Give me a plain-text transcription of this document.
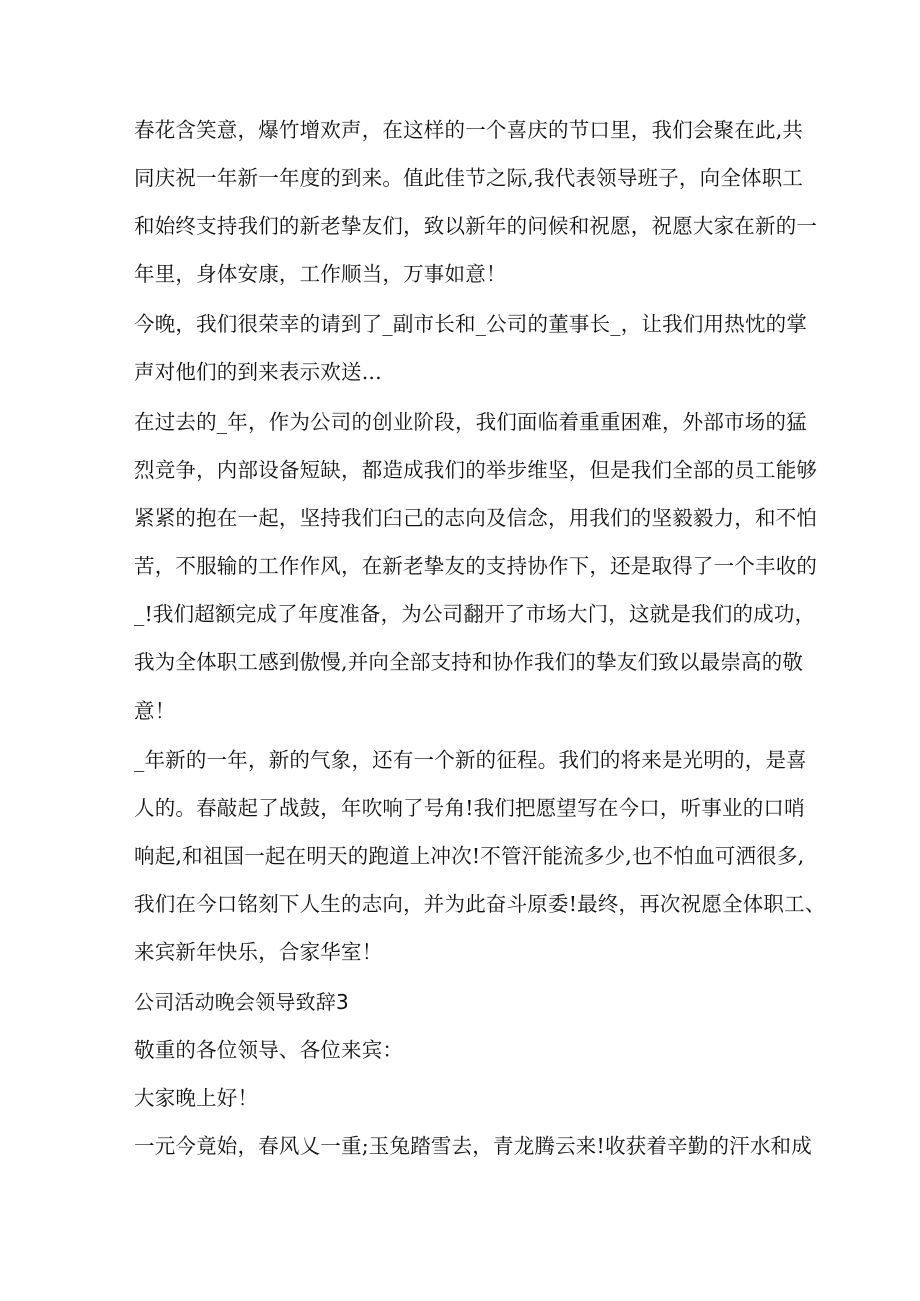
春花含笑意，爆竹增欢声，在这样的一个喜庆的节口里，我们会聚在此,共
同庆祝一年新一年度的到来。值此佳节之际,我代表领导班子，向全体职工
和始终支持我们的新老挚友们，致以新年的问候和祝愿，祝愿大家在新的一
年里，身体安康，工作顺当，万事如意！
今晚，我们很荣幸的请到了_副市长和_公司的董事长_，让我们用热忱的掌
声对他们的到来表示欢送...
在过去的_年，作为公司的创业阶段，我们面临着重重困难，外部市场的猛
烈竞争，内部设备短缺，都造成我们的举步维坚，但是我们全部的员工能够
紧紧的抱在一起，坚持我们臼己的志向及信念，用我们的坚毅毅力，和不怕
苦，不服输的工作作风，在新老挚友的支持协作下，还是取得了一个丰收的
_!我们超额完成了年度准备，为公司翻开了市场大门，这就是我们的成功，
我为全体职工感到傲慢,并向全部支持和协作我们的挚友们致以最崇高的敬
意！
_年新的一年，新的气象，还有一个新的征程。我们的将来是光明的，是喜
人的。春敲起了战鼓，年吹响了号角!我们把愿望写在今口，听事业的口哨
响起,和祖国一起在明天的跑道上冲次!不管汗能流多少,也不怕血可洒很多,
我们在今口铭刻下人生的志向，并为此奋斗原委!最终，再次祝愿全体职工、
来宾新年快乐，合家华室！
公司活动晚会领导致辞3
敬重的各位领导、各位来宾：
大家晚上好！
一元今竟始，春风乂一重;玉兔踏雪去，青龙腾云来!收获着辛勤的汗水和成
